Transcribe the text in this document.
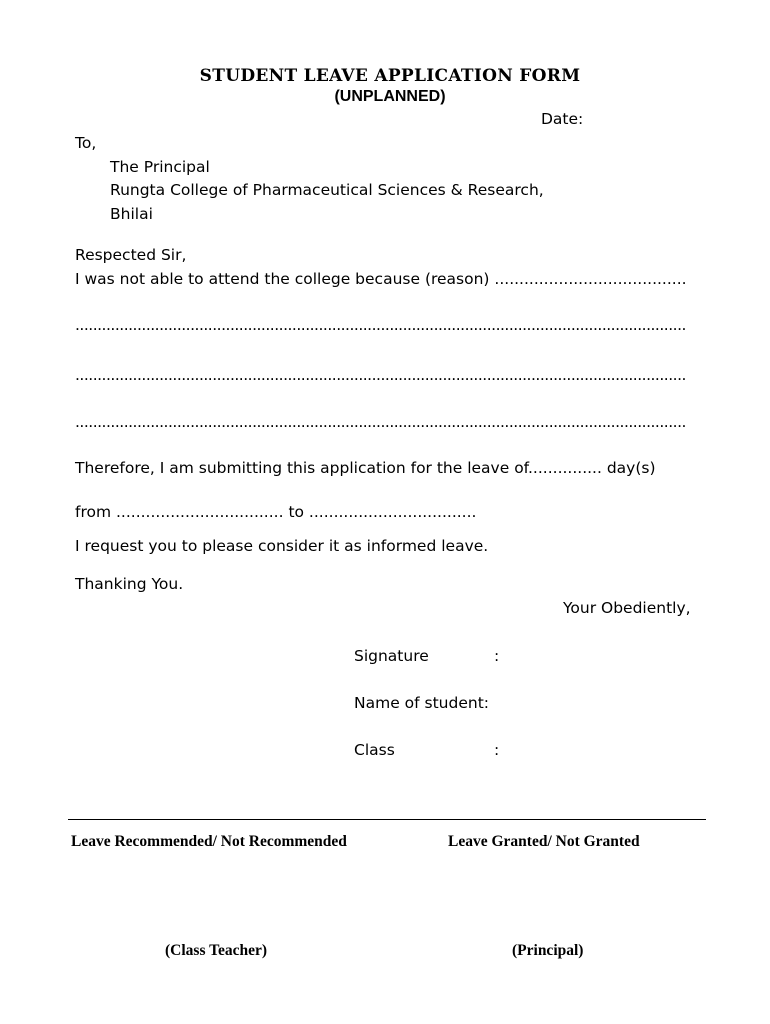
STUDENT LEAVE APPLICATION FORM
(UNPLANNED)
Date:
To,
The Principal
Rungta College of Pharmaceutical Sciences & Research,
Bhilai
Respected Sir,
I was not able to attend the college because (reason) .......................................
..........................................................................................................................................
..........................................................................................................................................
..........................................................................................................................................
Therefore, I am submitting this application for the leave of............... day(s)
from .................................. to ..................................
I request you to please consider it as informed leave.
Thanking You.
Your Obediently,
Signature	:
Name of student:
Class	:
Leave Recommended/ Not Recommended	Leave Granted/ Not Granted
(Class Teacher)	(Principal)
